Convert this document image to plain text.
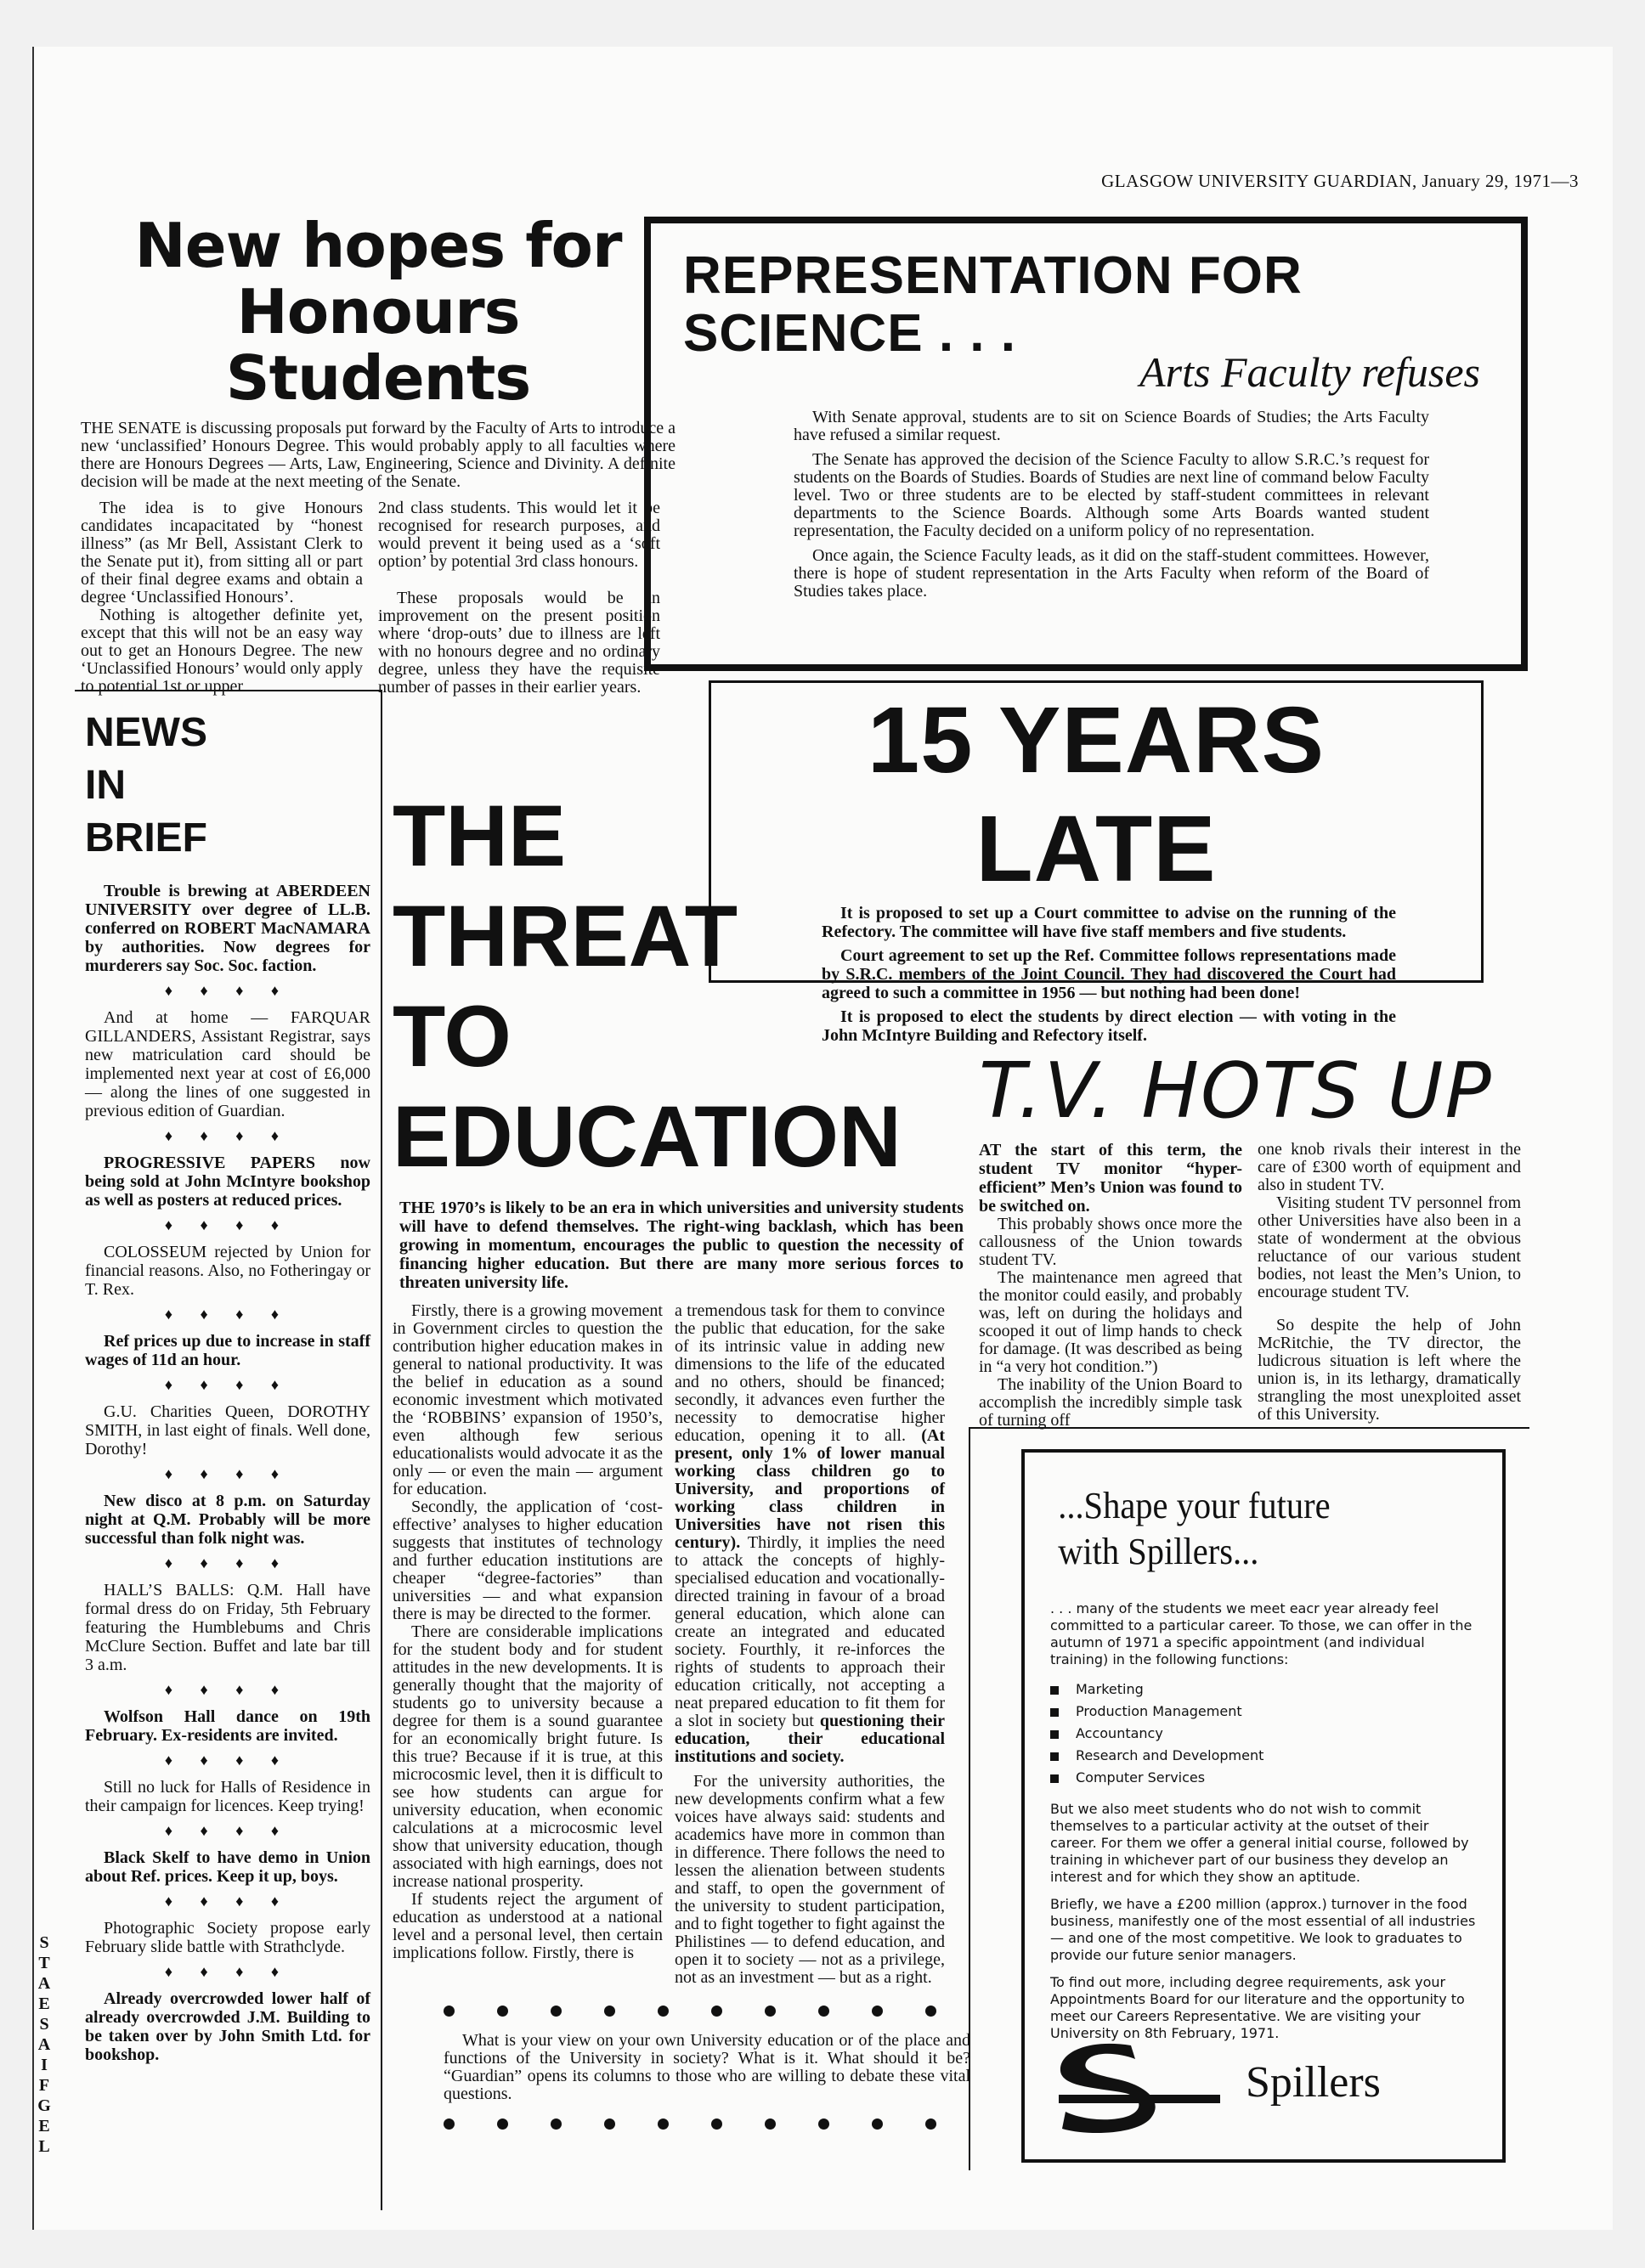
GLASGOW UNIVERSITY GUARDIAN, January 29, 1971—3
New hopes for Honours Students

THE SENATE is discussing proposals put forward by the Faculty of Arts to introduce a new ‘unclassified’ Honours Degree. This would probably apply to all faculties where there are Honours Degrees — Arts, Law, Engineering, Science and Divinity. A definite decision will be made at the next meeting of the Senate.

The idea is to give Honours candidates incapacitated by “honest illness” (as Mr Bell, Assistant Clerk to the Senate put it), from sitting all or part of their final degree exams and obtain a degree ‘Unclassified Honours’.

Nothing is altogether definite yet, except that this will not be an easy way out to get an Honours Degree. The new ‘Unclassified Honours’ would only apply to potential 1st or upper

2nd class students. This would let it be recognised for research purposes, and would prevent it being used as a ‘soft option’ by potential 3rd class honours.

These proposals would be an improvement on the present position where ‘drop-outs’ due to illness are left with no honours degree and no ordinary degree, unless they have the requisite number of passes in their earlier years.

REPRESENTATION FOR SCIENCE . . .
Arts Faculty refuses

With Senate approval, students are to sit on Science Boards of Studies; the Arts Faculty have refused a similar request.

The Senate has approved the decision of the Science Faculty to allow S.R.C.’s request for students on the Boards of Studies. Boards of Studies are next line of command below Faculty level. Two or three students are to be elected by staff-student committees in relevant departments to the Science Boards. Although some Arts Boards wanted student representation, the Faculty decided on a uniform policy of no representation.

Once again, the Science Faculty leads, as it did on the staff-student committees. However, there is hope of student representation in the Arts Faculty when reform of the Board of Studies takes place.

15 YEARS LATE

It is proposed to set up a Court committee to advise on the running of the Refectory. The committee will have five staff members and five students.

Court agreement to set up the Ref. Committee follows representations made by S.R.C. members of the Joint Council. They had discovered the Court had agreed to such a committee in 1956 — but nothing had been done!

It is proposed to elect the students by direct election — with voting in the John McIntyre Building and Refectory itself.

NEWS
IN
BRIEF

Trouble is brewing at ABERDEEN UNIVERSITY over degree of LL.B. conferred on ROBERT MacNAMARA by authorities. Now degrees for murderers say Soc. Soc. faction.

♦ ♦ ♦ ♦

And at home — FARQUAR GILLANDERS, Assistant Registrar, says new matriculation card should be implemented next year at cost of £6,000 — along the lines of one suggested in previous edition of Guardian.

♦ ♦ ♦ ♦

PROGRESSIVE PAPERS now being sold at John McIntyre bookshop as well as posters at reduced prices.

♦ ♦ ♦ ♦

COLOSSEUM rejected by Union for financial reasons. Also, no Fotheringay or T. Rex.

♦ ♦ ♦ ♦

Ref prices up due to increase in staff wages of 11d an hour.

♦ ♦ ♦ ♦

G.U. Charities Queen, DOROTHY SMITH, in last eight of finals. Well done, Dorothy!

♦ ♦ ♦ ♦

New disco at 8 p.m. on Saturday night at Q.M. Probably will be more successful than folk night was.

♦ ♦ ♦ ♦

HALL’S BALLS: Q.M. Hall have formal dress do on Friday, 5th February featuring the Humblebums and Chris McClure Section. Buffet and late bar till 3 a.m.

♦ ♦ ♦ ♦

Wolfson Hall dance on 19th February. Ex-residents are invited.

♦ ♦ ♦ ♦

Still no luck for Halls of Residence in their campaign for licences. Keep trying!

♦ ♦ ♦ ♦

Black Skelf to have demo in Union about Ref. prices. Keep it up, boys.

♦ ♦ ♦ ♦

Photographic Society propose early February slide battle with Strathclyde.

♦ ♦ ♦ ♦

Already overcrowded lower half of already overcrowded J.M. Building to be taken over by John Smith Ltd. for bookshop.

THE
THREAT
TO
EDUCATION

THE 1970’s is likely to be an era in which universities and university students will have to defend themselves. The right-wing backlash, which has been growing in momentum, encourages the public to question the necessity of financing higher education. But there are many more serious forces to threaten university life.

Firstly, there is a growing movement in Government circles to question the contribution higher education makes in general to national productivity. It was the belief in education as a sound economic investment which motivated the ‘ROBBINS’ expansion of 1950’s, even although few serious educationalists would advocate it as the only — or even the main — argument for education.

Secondly, the application of ‘cost-effective’ analyses to higher education suggests that institutes of technology and further education institutions are cheaper “degree-factories” than universities — and what expansion there is may be directed to the former.

There are considerable implications for the student body and for student attitudes in the new developments. It is generally thought that the majority of students go to university because a degree for them is a sound guarantee for an economically bright future. Is this true? Because if it is true, at this microcosmic level, then it is difficult to see how students can argue for university education, when economic calculations at a microcosmic level show that university education, though associated with high earnings, does not increase national prosperity.

If students reject the argument of education as understood at a national level and a personal level, then certain implications follow. Firstly, there is

a tremendous task for them to convince the public that education, for the sake of its intrinsic value in adding new dimensions to the life of the educated and no others, should be financed; secondly, it advances even further the necessity to democratise higher education, opening it to all. (At present, only 1% of lower manual working class children go to University, and proportions of working class children in Universities have not risen this century). Thirdly, it implies the need to attack the concepts of highly-specialised education and vocationally-directed training in favour of a broad general education, which alone can create an integrated and educated society. Fourthly, it re-inforces the rights of students to approach their education critically, not accepting a neat prepared education to fit them for a slot in society but questioning their education, their educational institutions and society.

For the university authorities, the new developments confirm what a few voices have always said: students and academics have more in common than in difference. There follows the need to lessen the alienation between students and staff, to open the government of the university to student participation, and to fight together to fight against the Philistines — to defend education, and open it to society — not as a privilege, not as an investment — but as a right.

What is your view on your own University education or of the place and functions of the University in society? What is it. What should it be? “Guardian” opens its columns to those who are willing to debate these vital questions.

T.V. HOTS UP

AT the start of this term, the student TV monitor “hyper-efficient” Men’s Union was found to be switched on.

This probably shows once more the callousness of the Union towards student TV.

The maintenance men agreed that the monitor could easily, and probably was, left on during the holidays and scooped it out of limp hands to check for damage. (It was described as being in “a very hot condition.”)

The inability of the Union Board to accomplish the incredibly simple task of turning off

one knob rivals their interest in the care of £300 worth of equipment and also in student TV.

Visiting student TV personnel from other Universities have also been in a state of wonderment at the obvious reluctance of our various student bodies, not least the Men’s Union, to encourage student TV.

So despite the help of John McRitchie, the TV director, the ludicrous situation is left where the union is, in its lethargy, dramatically strangling the most unexploited asset of this University.

...Shape your future
with Spillers...

. . . many of the students we meet eacr year already feel committed to a particular career. To those, we can offer in the autumn of 1971 a specific appointment (and individual training) in the following functions:

Marketing
Production Management
Accountancy
Research and Development
Computer Services

But we also meet students who do not wish to commit themselves to a particular activity at the outset of their career. For them we offer a general initial course, followed by training in whichever part of our business they develop an interest and for which they show an aptitude.

Briefly, we have a £200 million (approx.) turnover in the food business, manifestly one of the most essential of all industries — and one of the most competitive. We look to graduates to provide our future senior managers.

To find out more, including degree requirements, ask your Appointments Board for our literature and the opportunity to meet our Careers Representative. We are visiting your University on 8th February, 1971.

Spillers
S
T
A
E
S
A
I
F
G
E
L
